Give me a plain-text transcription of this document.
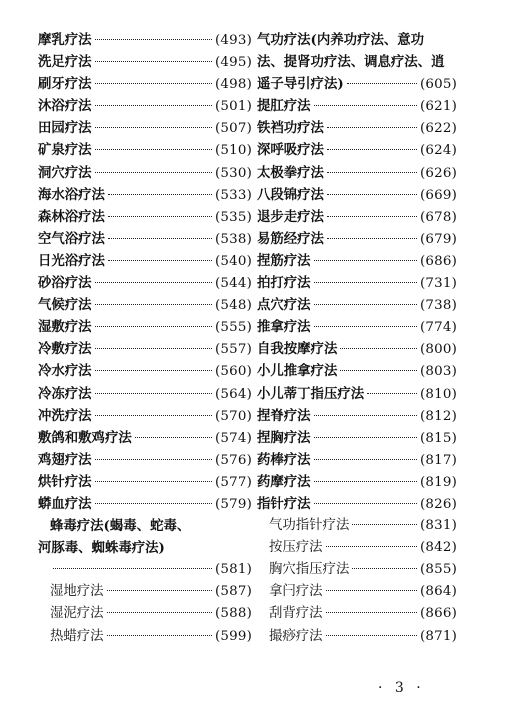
摩乳疗法	(493)
洗足疗法	(495)
刷牙疗法	(498)
沐浴疗法	(501)
田园疗法	(507)
矿泉疗法	(510)
洞穴疗法	(530)
海水浴疗法	(533)
森林浴疗法	(535)
空气浴疗法	(538)
日光浴疗法	(540)
砂浴疗法	(544)
气候疗法	(548)
湿敷疗法	(555)
冷敷疗法	(557)
冷水疗法	(560)
冷冻疗法	(564)
冲洗疗法	(570)
敷鸽和敷鸡疗法	(574)
鸡翅疗法	(576)
烘针疗法	(577)
蟒血疗法	(579)
蜂毒疗法(蝎毒、蛇毒、
河豚毒、蜘蛛毒疗法)
(581)
湿地疗法	(587)
湿泥疗法	(588)
热蜡疗法	(599)
气功疗法(内养功疗法、意功
法、提肾功疗法、调息疗法、逍
遥子导引疗法)	(605)
提肛疗法	(621)
铁裆功疗法	(622)
深呼吸疗法	(624)
太极拳疗法	(626)
八段锦疗法	(669)
退步走疗法	(678)
易筋经疗法	(679)
捏筋疗法	(686)
拍打疗法	(731)
点穴疗法	(738)
推拿疗法	(774)
自我按摩疗法	(800)
小儿推拿疗法	(803)
小儿蒂丁指压疗法	(810)
捏脊疗法	(812)
捏胸疗法	(815)
药棒疗法	(817)
药摩疗法	(819)
指针疗法	(826)
气功指针疗法	(831)
按压疗法	(842)
胸穴指压疗法	(855)
拿闩疗法	(864)
刮背疗法	(866)
撮痧疗法	(871)
· 3 ·
